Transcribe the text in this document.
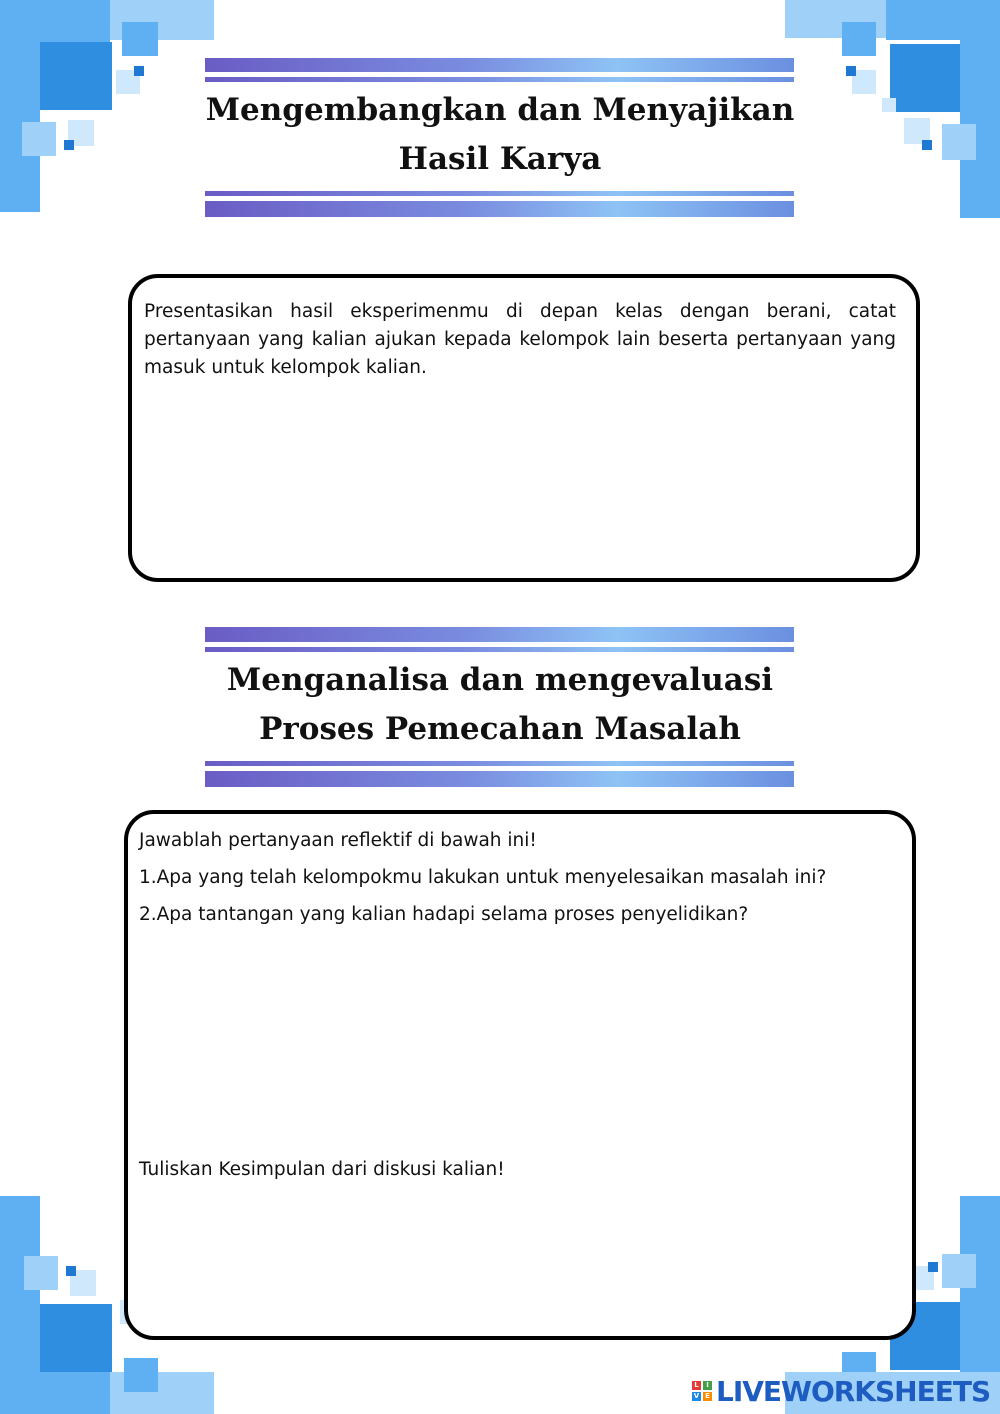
Mengembangkan dan Menyajikan
Hasil Karya

Presentasikan hasil eksperimenmu di depan kelas dengan berani, catat pertanyaan yang kalian ajukan kepada kelompok lain beserta pertanyaan yang masuk untuk kelompok kalian.

Menganalisa dan mengevaluasi
Proses Pemecahan Masalah

Jawablah pertanyaan reflektif di bawah ini!

1.Apa yang telah kelompokmu lakukan untuk menyelesaikan masalah ini?

2.Apa tantangan yang kalian hadapi selama proses penyelidikan?

Tuliskan Kesimpulan dari diskusi kalian!

L	I
V E LIVEWORKSHEETS
